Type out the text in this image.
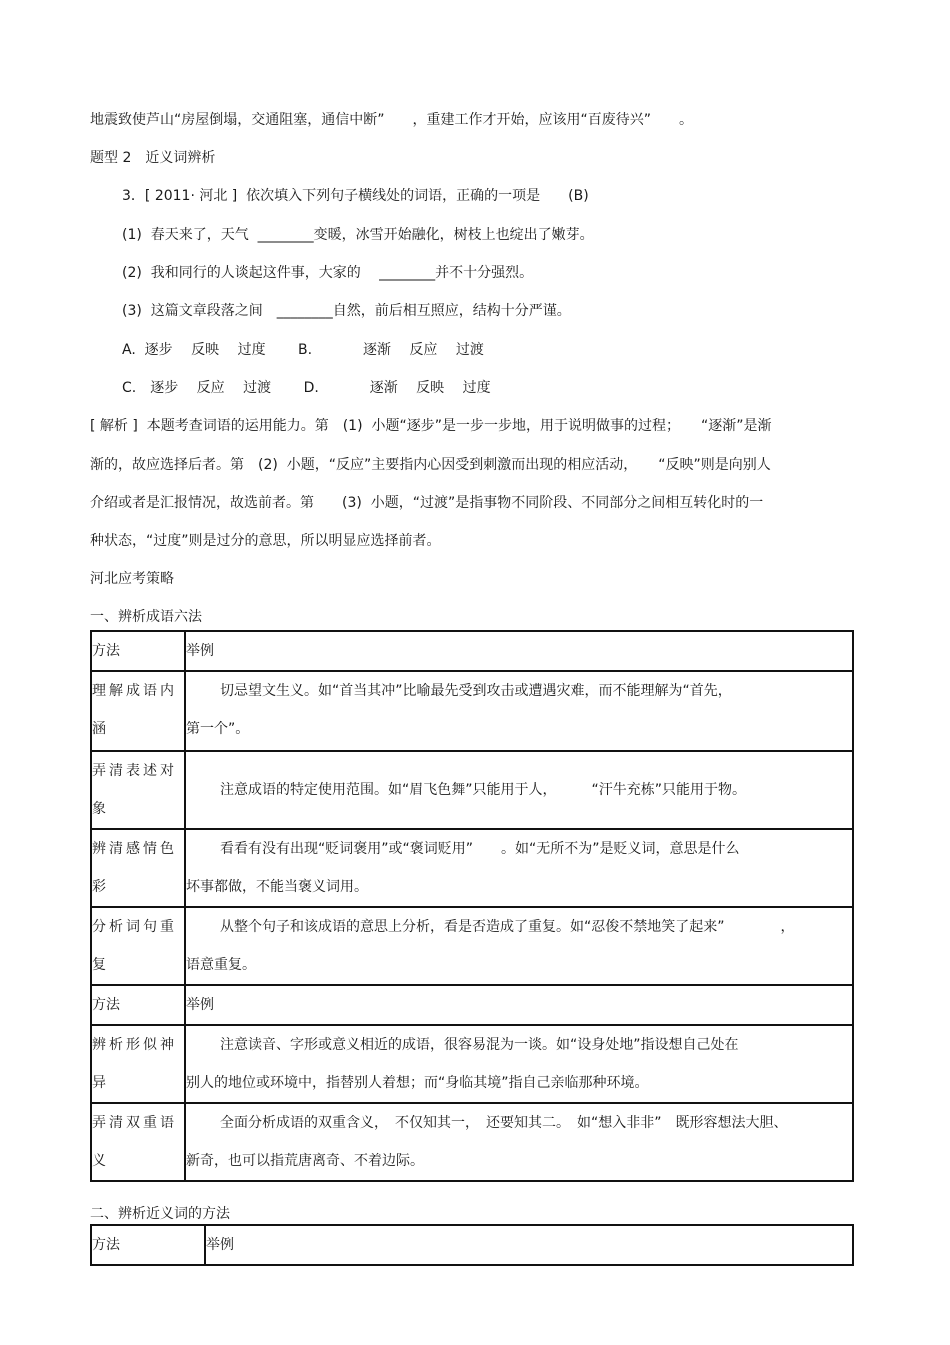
地震致使芦山“房屋倒塌，交通阻塞，通信中断”　　，重建工作才开始，应该用“百废待兴”　　。
题型 2　近义词辨析
3．[ 2011· 河北 ]  依次填入下列句子横线处的词语，正确的一项是　　(B)
(1)  春天来了，天气  ________变暖，冰雪开始融化，树枝上也绽出了嫩芽。
(2)  我和同行的人谈起这件事，大家的　 ________并不十分强烈。
(3)  这篇文章段落之间　________自然，前后相互照应，结构十分严谨。
A.  逐步　 反映　 过度　　 B.　　　  逐渐　 反应　 过渡
C.　逐步　 反应　 过渡　　 D.　　　  逐渐　 反映　 过度
[ 解析 ]  本题考查词语的运用能力。第　(1)  小题“逐步”是一步一步地，用于说明做事的过程；　　“逐渐”是渐
渐的，故应选择后者。第　(2)  小题，“反应”主要指内心因受到刺激而出现的相应活动，　　“反映”则是向别人
介绍或者是汇报情况，故选前者。第　　(3)  小题，“过渡”是指事物不同阶段、不同部分之间相互转化时的一
种状态，“过度”则是过分的意思，所以明显应选择前者。
河北应考策略
一、辨析成语六法
方法	举例

理解成语内
涵	切忌望文生义。如“首当其冲”比喻最先受到攻击或遭遇灾难，而不能理解为“首先，
第一个”。

弄清表述对
象	注意成语的特定使用范围。如“眉飞色舞”只能用于人，　　　“汗牛充栋”只能用于物。

辨清感情色
彩	看看有没有出现“贬词褒用”或“褒词贬用”　　。如“无所不为”是贬义词，意思是什么
坏事都做，不能当褒义词用。

分析词句重
复	从整个句子和该成语的意思上分析，看是否造成了重复。如“忍俊不禁地笑了起来”　　　　，
语意重复。

方法	举例

辨析形似神
异	注意读音、字形或意义相近的成语，很容易混为一谈。如“设身处地”指设想自己处在
别人的地位或环境中，指替别人着想；而“身临其境”指自己亲临那种环境。

弄清双重语
义	全面分析成语的双重含义，　不仅知其一，　还要知其二。　如“想入非非”　既形容想法大胆、
新奇，也可以指荒唐离奇、不着边际。
二、辨析近义词的方法
方法	举例
